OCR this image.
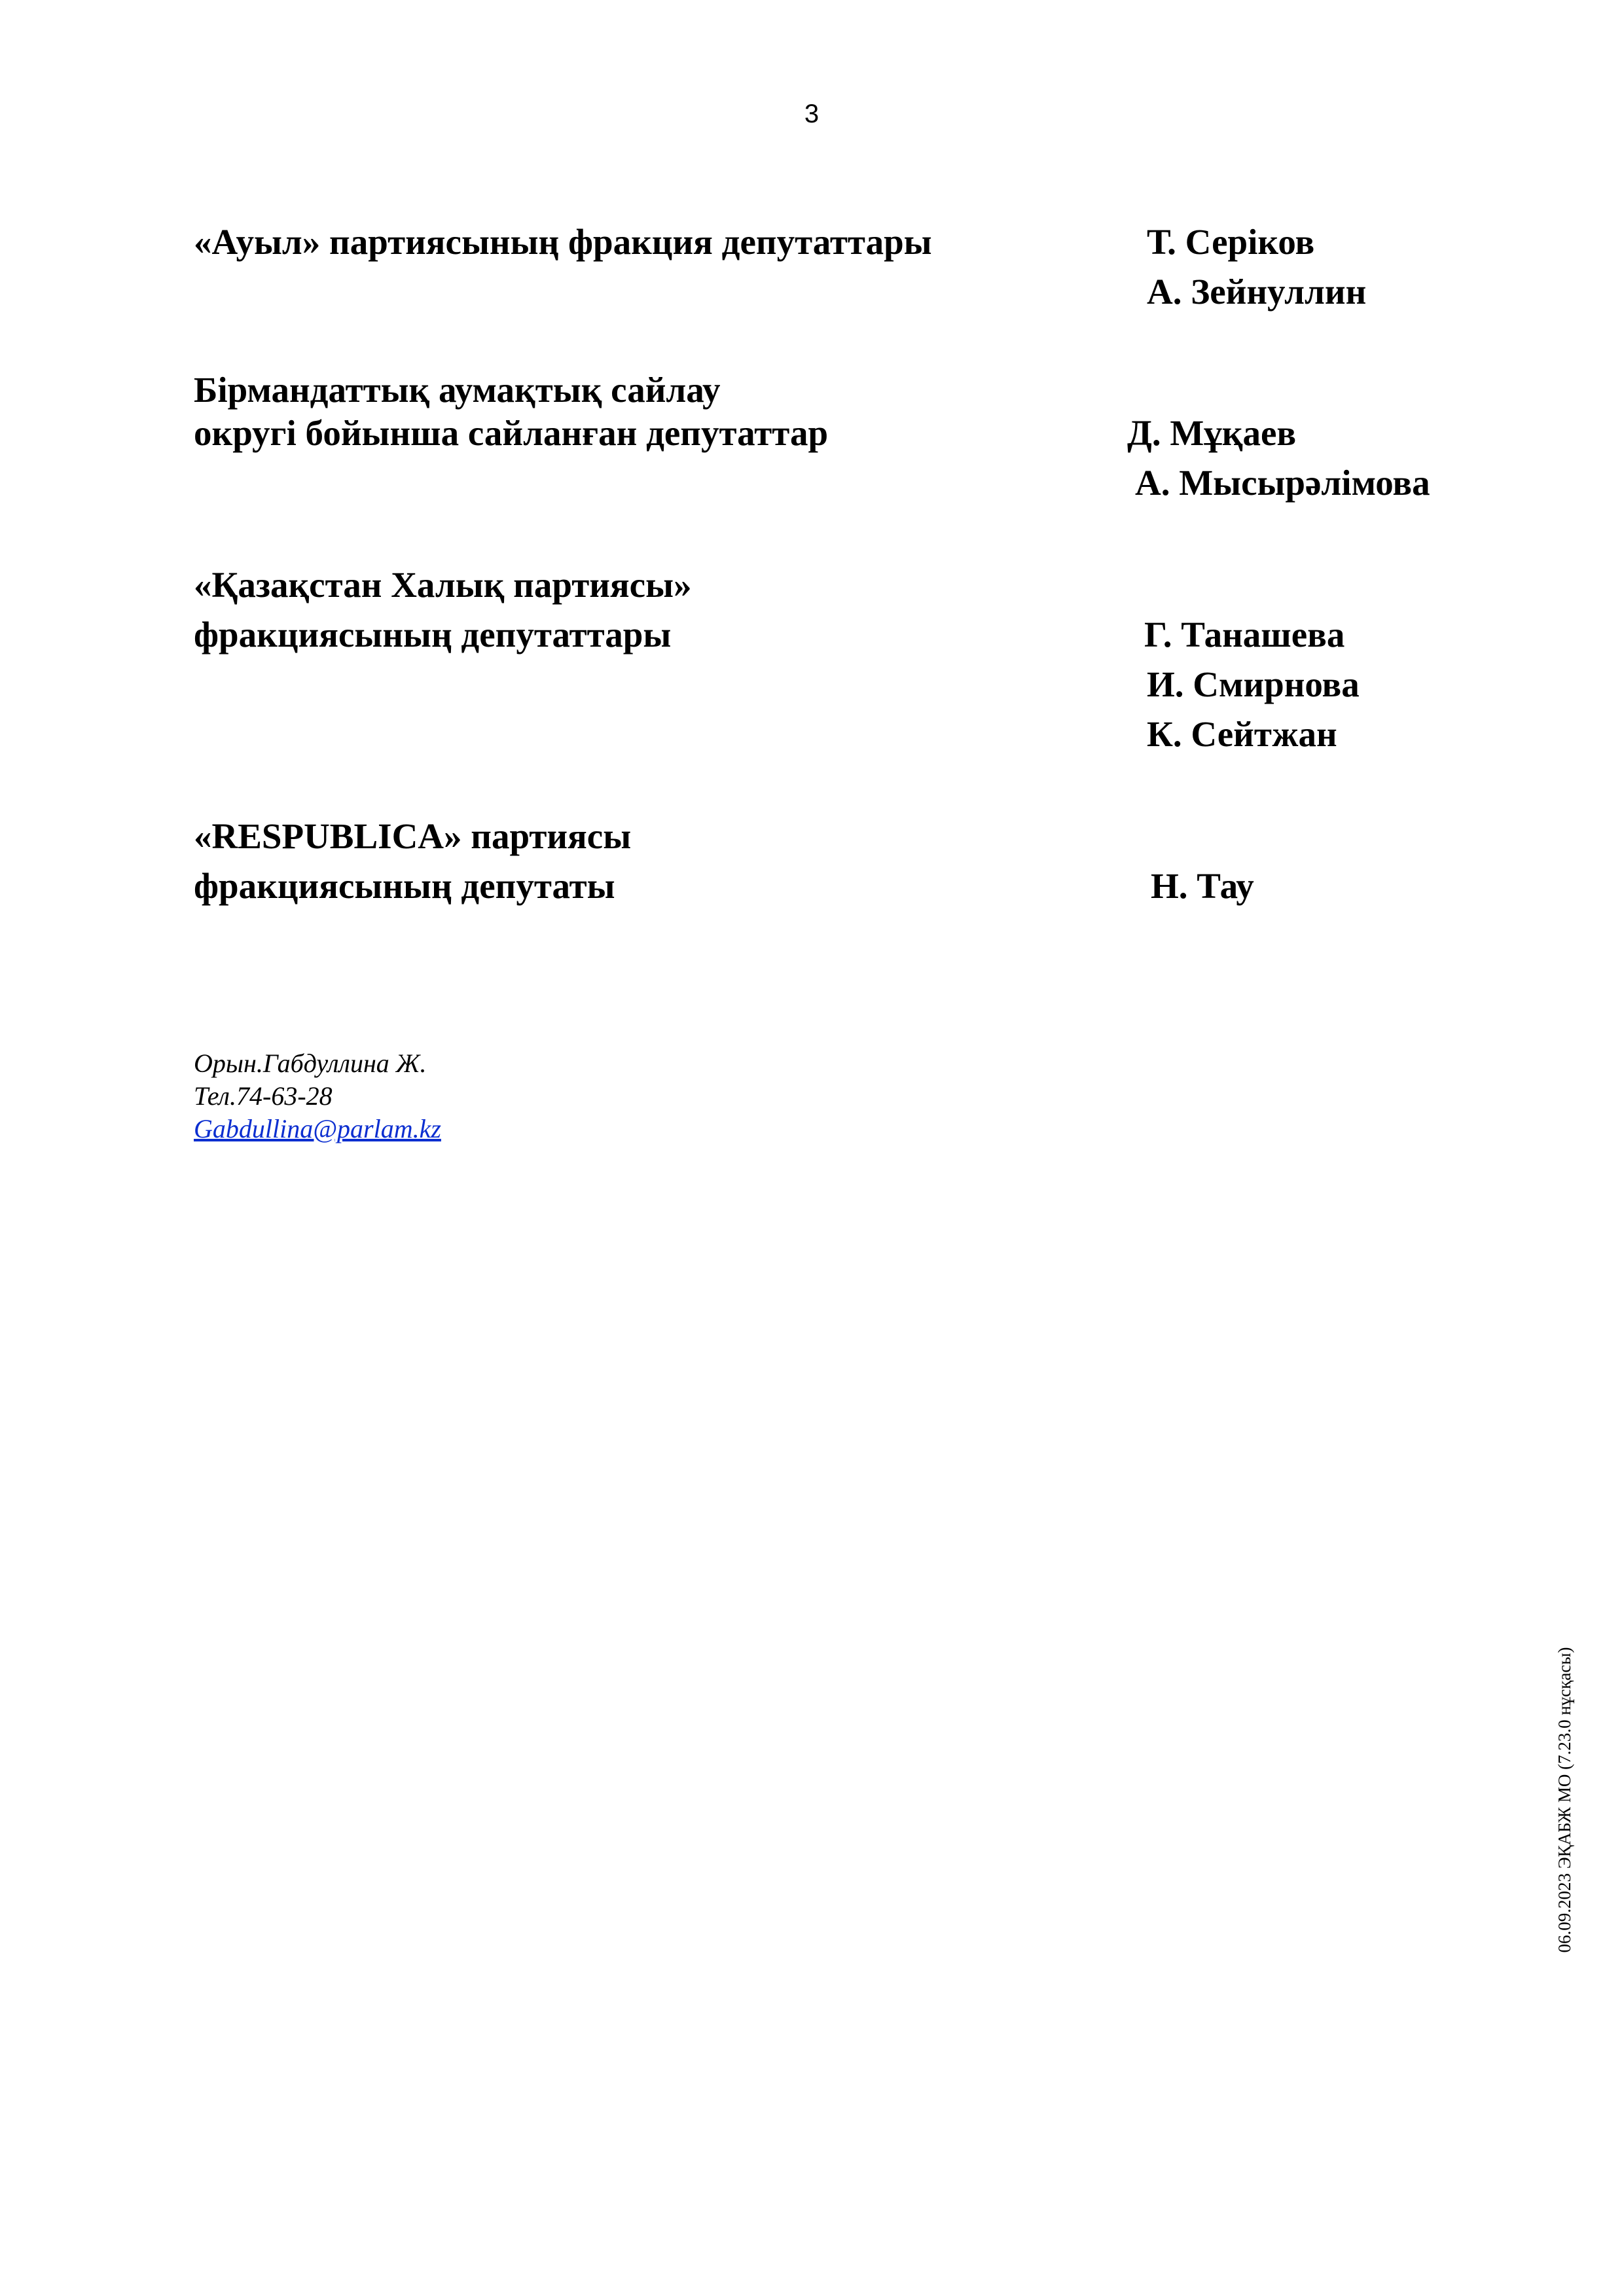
3
«Ауыл» партиясының фракция депутаттары	Т. Серіков
А. Зейнуллин
Бірмандаттық аумақтық сайлау
округі бойынша сайланған депутаттар	Д. Мұқаев
А. Мысырәлімова
«Қазақстан Халық партиясы»
фракциясының депутаттары	Г. Танашева
И. Смирнова
К. Сейтжан
«RESPUBLICA» партиясы
фракциясының депутаты	Н. Тау
Орын.Габдуллина Ж.
Тел.74-63-28
Gabdullina@parlam.kz
06.09.2023 ЭҚАБЖ МО (7.23.0 нұсқасы)
